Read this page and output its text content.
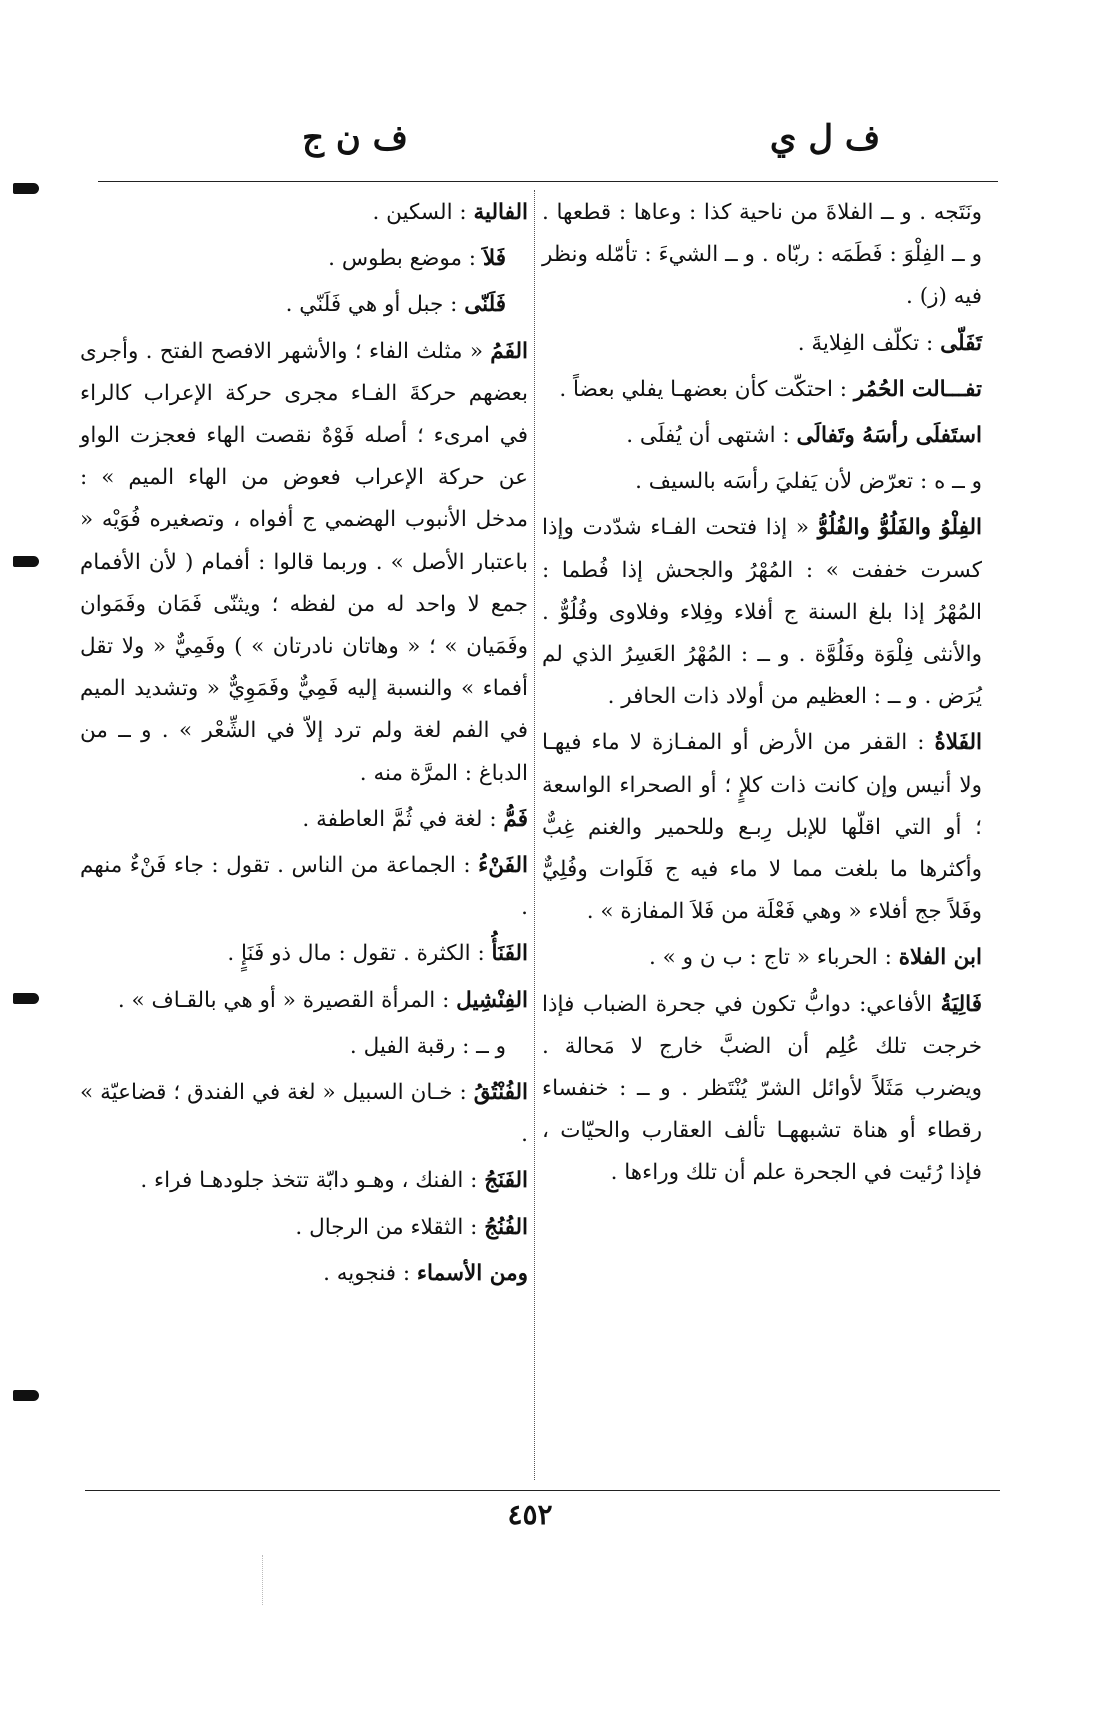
ف ل ي
ف ن ج

ونَتَجه . و ــ الفلاةَ من ناحية كذا : وعاها : قطعها . و ــ الفِلْوَ : فَطَمَه : ربّاه . و ــ الشيءَ : تأمّله ونظر فيه (ز) .

تَفَلّى : تكلّف الفِلايةَ .

تفـــالت الحُمُر : احتكّت كأن بعضهـا يفلي بعضاً .

استَفلَى رأسَهُ وتَفالَى : اشتهى أن يُفلَى .

و ــ ه : تعرّض لأن يَفليَ رأسَه بالسيف .

الفِلْوُ والفَلُوُّ والفُلُوُّ « إذا فتحت الفـاء شدّدت وإذا كسرت خففت » : المُهْرُ والجحش إذا فُطما : المُهْرُ إذا بلغ السنة ج أفلاء وفِلاء وفلاوى وفُلُوٌّ . والأنثى فِلْوَة وفَلُوَّة . و ــ : المُهْرُ العَسِرُ الذي لم يُرَض . و ــ : العظيم من أولاد ذات الحافر .

الفَلاةُ : القفر من الأرض أو المفـازة لا ماء فيهـا ولا أنيس وإن كانت ذات كلإٍ ؛ أو الصحراء الواسعة ؛ أو التي اقلّها للإبل رِبـع وللحمير والغنم غِبٌّ وأكثرها ما بلغت مما لا ماء فيه ج فَلَوات وفُلِيٌّ وفَلاً جج أفلاء « وهي فَعْلَة من فَلاَ المفازة » .

ابن الفلاة : الحرباء « تاج : ب ن و » .

فَالِيَةُ الأفاعي: دوابُّ تكون في جحرة الضباب فإذا خرجت تلك عُلِم أن الضبَّ خارج لا مَحالة . ويضرب مَثَلاً لأوائل الشرّ يُنْتَظر . و ــ : خنفساء رقطاء أو هناة تشبههـا تألف العقارب والحيّات ، فإذا رُئيت في الجحرة علم أن تلك وراءها .

الفالية : السكين .

فَلاَ : موضع بطوس .

فَلَنّى : جبل أو هي فَلَنّي .

الفَمُ « مثلث الفاء ؛ والأشهر الافصح الفتح . وأجرى بعضهم حركةَ الفـاء مجرى حركة الإعراب كالراء في امرىء ؛ أصله فَوْهٌ نقصت الهاء فعجزت الواو عن حركة الإعراب فعوض من الهاء الميم » : مدخل الأنبوب الهضمي ج أفواه ، وتصغيره فُوَيْه « باعتبار الأصل » . وربما قالوا : أفمام ( لأن الأفمام جمع لا واحد له من لفظه ؛ ويثنّى فَمَان وفَمَوان وفَمَيان » ؛ « وهاتان نادرتان » ) وفَمِيٌّ « ولا تقل أفماء » والنسبة إليه فَمِيٌّ وفَمَوِيٌّ « وتشديد الميم في الفم لغة ولم ترد إلاّ في الشِّعْر » . و ــ من الدباغ : المرَّة منه .

فَمُّ : لغة في ثُمَّ العاطفة .

الفَنْءُ : الجماعة من الناس . تقول : جاء فَنْءٌ منهم .

الفَنَأُ : الكثرة . تقول : مال ذو فَنَإٍ .

الفِنْشِيل : المرأة القصيرة « أو هي بالقـاف » .

و ــ : رقبة الفيل .

الفُنْتُقُ : خـان السبيل « لغة في الفندق ؛ قضاعيّة » .

الفَنَجُ : الفنك ، وهـو دابّة تتخذ جلودهـا فراء .

الفُنُجُ : الثقلاء من الرجال .

ومن الأسماء : فنجويه .

٤٥٢
